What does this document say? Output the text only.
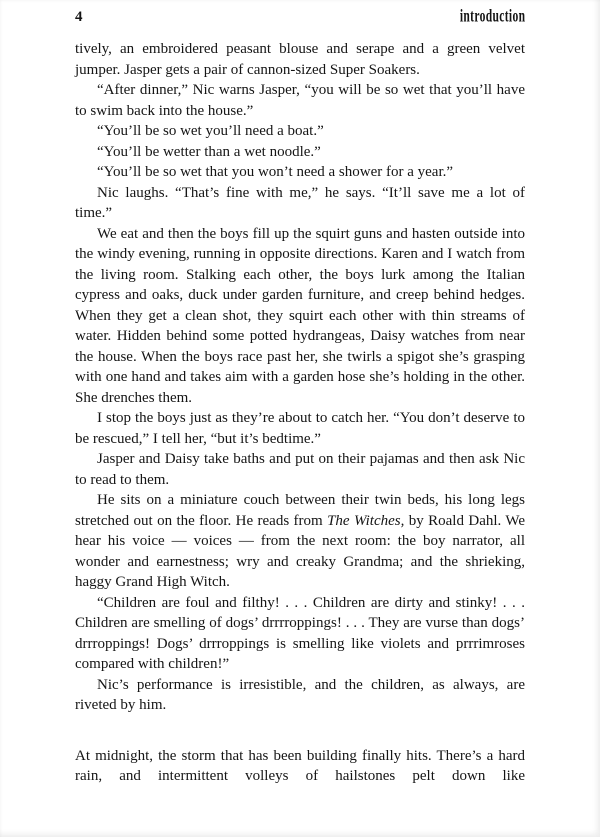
4	introduction

tively, an embroidered peasant blouse and serape and a green velvet jumper. Jasper gets a pair of cannon-sized Super Soakers.

“After dinner,” Nic warns Jasper, “you will be so wet that you’ll have to swim back into the house.”

“You’ll be so wet you’ll need a boat.”

“You’ll be wetter than a wet noodle.”

“You’ll be so wet that you won’t need a shower for a year.”

Nic laughs. “That’s fine with me,” he says. “It’ll save me a lot of time.”

We eat and then the boys fill up the squirt guns and hasten outside into the windy evening, running in opposite directions. Karen and I watch from the living room. Stalking each other, the boys lurk among the Italian cypress and oaks, duck under garden furniture, and creep behind hedges. When they get a clean shot, they squirt each other with thin streams of water. Hidden behind some potted hydrangeas, Daisy watches from near the house. When the boys race past her, she twirls a spigot she’s grasping with one hand and takes aim with a garden hose she’s holding in the other. She drenches them.

I stop the boys just as they’re about to catch her. “You don’t deserve to be rescued,” I tell her, “but it’s bedtime.”

Jasper and Daisy take baths and put on their pajamas and then ask Nic to read to them.

He sits on a miniature couch between their twin beds, his long legs stretched out on the floor. He reads from The Witches, by Roald Dahl. We hear his voice — voices — from the next room: the boy narrator, all wonder and earnestness; wry and creaky Grandma; and the shrieking, haggy Grand High Witch.

“Children are foul and filthy! . . . Children are dirty and stinky! . . . Children are smelling of dogs’ drrrroppings! . . . They are vurse than dogs’ drrroppings! Dogs’ drrroppings is smelling like violets and prrrimroses compared with children!”

Nic’s performance is irresistible, and the children, as always, are riveted by him.

At midnight, the storm that has been building finally hits. There’s a hard rain, and intermittent volleys of hailstones pelt down like
